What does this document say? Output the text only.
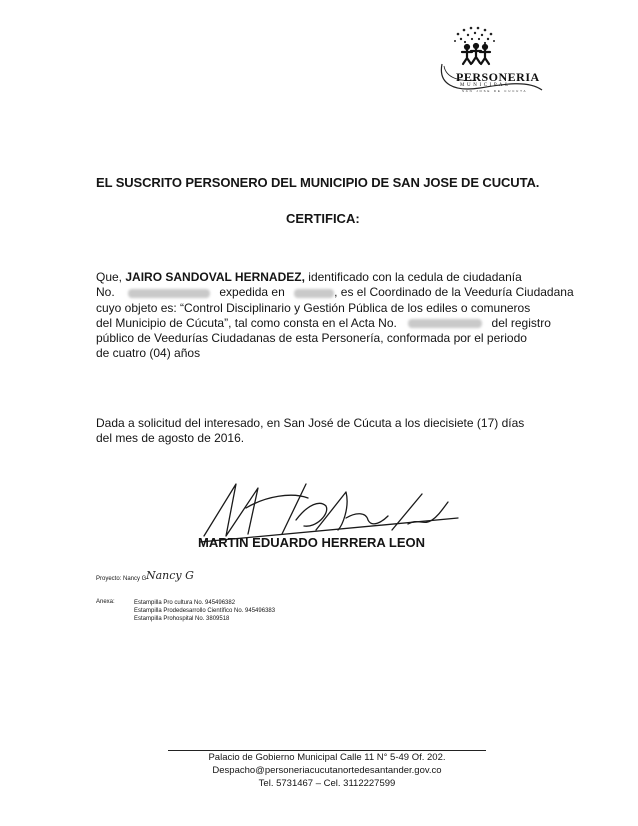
PERSONERIA
MUNICIPAL
SAN JOSE DE CUCUTA
EL SUSCRITO PERSONERO DEL MUNICIPIO DE SAN JOSE DE CUCUTA.
CERTIFICA:
Que, JAIRO SANDOVAL HERNADEZ, identificado con la cedula de ciudadanía
No.	expedida en	, es el Coordinado de la Veeduría Ciudadana
cuyo objeto es: “Control Disciplinario y Gestión Pública de los ediles o comuneros
del Municipio de Cúcuta”, tal como consta en el Acta No.	del registro
público de Veedurías Ciudadanas de esta Personería, conformada por el periodo
de cuatro (04) años
Dada a solicitud del interesado, en San José de Cúcuta a los diecisiete (17) días
del mes de agosto de 2016.
MARTIN EDUARDO HERRERA LEON
Proyecto: Nancy G Nancy G
Anexa:	Estampilla Pro cultura No. 945496382
Estampilla Prodedesarrollo Científico No. 945496383
Estampilla Prohospital No. 3809518
Palacio de Gobierno Municipal Calle 11 N° 5-49 Of. 202.
Despacho@personeriacucutanortedesantander.gov.co
Tel. 5731467 – Cel. 3112227599
